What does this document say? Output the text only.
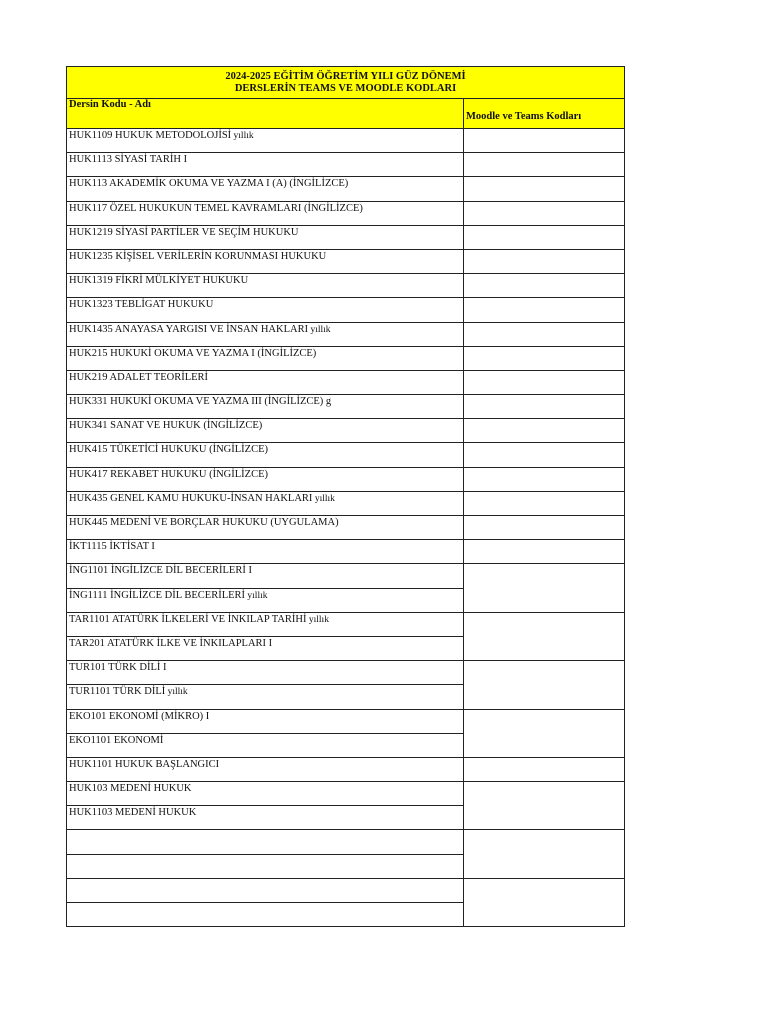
2024-2025 EĞİTİM ÖĞRETİM YILI GÜZ DÖNEMİ
DERSLERİN TEAMS VE MOODLE KODLARI	

Dersin Kodu - Adı	Moodle ve Teams Kodları
HUK1109 HUKUK METODOLOJİSİ yıllık	
HUK1113 SİYASİ TARİH I	
HUK113 AKADEMİK OKUMA VE YAZMA I (A) (İNGİLİZCE)	
HUK117 ÖZEL HUKUKUN TEMEL KAVRAMLARI (İNGİLİZCE)	
HUK1219 SİYASİ PARTİLER VE SEÇİM HUKUKU	
HUK1235 KİŞİSEL VERİLERİN KORUNMASI HUKUKU	
HUK1319 FİKRİ MÜLKİYET HUKUKU	
HUK1323 TEBLİGAT HUKUKU	
HUK1435 ANAYASA YARGISI VE İNSAN HAKLARI yıllık	
HUK215 HUKUKİ OKUMA VE YAZMA I (İNGİLİZCE)	
HUK219 ADALET TEORİLERİ	
HUK331 HUKUKİ OKUMA VE YAZMA III (İNGİLİZCE) g	
HUK341 SANAT VE HUKUK (İNGİLİZCE)	
HUK415 TÜKETİCİ HUKUKU (İNGİLİZCE)	
HUK417 REKABET HUKUKU (İNGİLİZCE)	
HUK435 GENEL KAMU HUKUKU-İNSAN HAKLARI yıllık	
HUK445 MEDENİ VE BORÇLAR HUKUKU (UYGULAMA)	
İKT1115 İKTİSAT I	
İNG1101 İNGİLİZCE DİL BECERİLERİ I	
İNG1111 İNGİLİZCE DİL BECERİLERİ yıllık	
TAR1101 ATATÜRK İLKELERİ VE İNKILAP TARİHİ yıllık	
TAR201 ATATÜRK İLKE VE İNKILAPLARI I	
TUR101 TÜRK DİLİ I	
TUR1101 TÜRK DİLİ yıllık	
EKO101 EKONOMİ (MİKRO) I	
EKO1101 EKONOMİ	
HUK1101 HUKUK BAŞLANGICI	
HUK103 MEDENİ HUKUK	
HUK1103 MEDENİ HUKUK	
